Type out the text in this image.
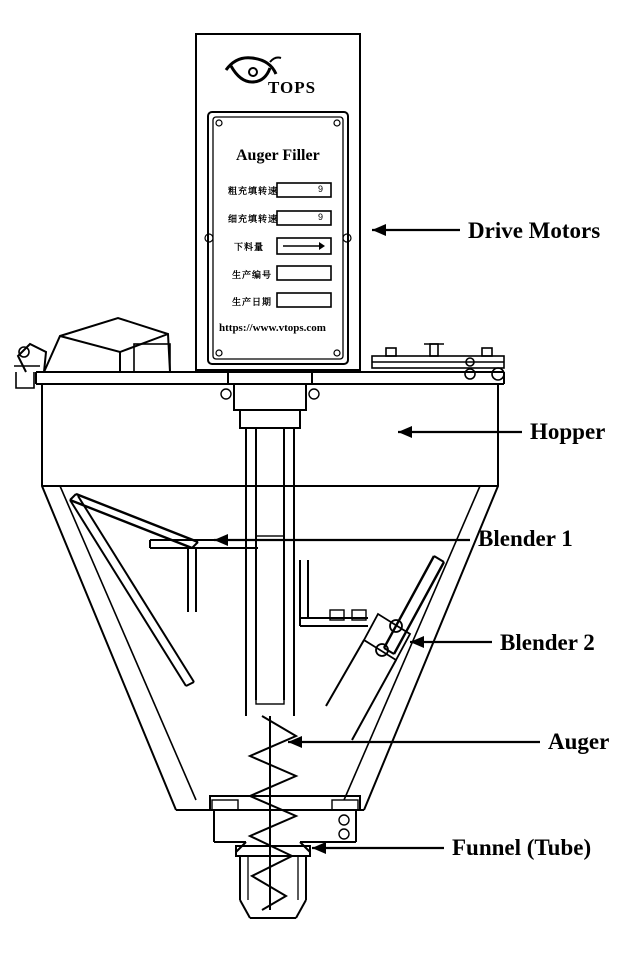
TOPS
Auger Filler
粗充填转速	9
细充填转速	9
下料量
生产编号
生产日期
https://www.vtops.com
Drive Motors
Hopper
Blender 1
Blender 2
Auger
Funnel (Tube)
